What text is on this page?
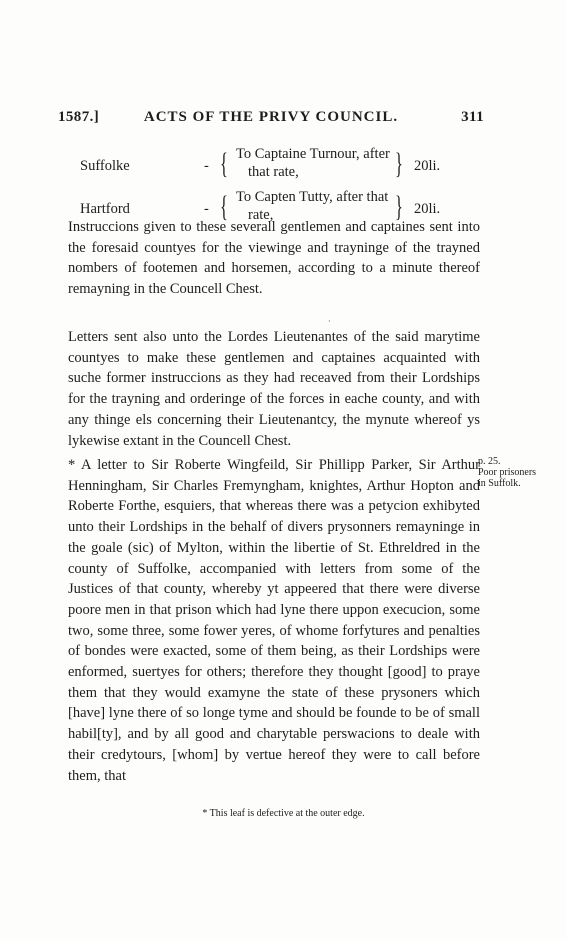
1587.]	ACTS OF THE PRIVY COUNCIL.	311
Suffolke	- { To Captaine Turnour, after
that rate,	} 20li.
Hartford	- { To Capten Tutty, after that
rate,	} 20li.

Instruccions given to these severall gentlemen and captaines sent into the foresaid countyes for the viewinge and trayninge of the trayned nombers of footemen and horsemen, according to a minute thereof remayning in the Councell Chest.

·

Letters sent also unto the Lordes Lieutenantes of the said marytime countyes to make these gentlemen and captaines acquainted with suche former instruccions as they had receaved from their Lordships for the trayning and orderinge of the forces in eache county, and with any thinge els concerning their Lieutenantcy, the mynute whereof ys lykewise extant in the Councell Chest.

* A letter to Sir Roberte Wingfeild, Sir Phillipp Parker, Sir Arthur Henningham, Sir Charles Fremyngham, knightes, Arthur Hopton and Roberte Forthe, esquiers, that whereas there was a petycion exhibyted unto their Lordships in the behalf of divers prysonners remayninge in the goale (sic) of Mylton, within the libertie of St. Ethreldred in the county of Suffolke, accompanied with letters from some of the Justices of that county, whereby yt appeered that there were diverse poore men in that prison which had lyne there uppon execucion, some two, some three, some fower yeres, of whome forfytures and penalties of bondes were exacted, some of them being, as their Lordships were enformed, suertyes for others; therefore they thought [good] to praye them that they would examyne the state of these prysoners which [have] lyne there of so longe tyme and should be founde to be of small habil[ty], and by all good and charytable perswacions to deale with their credytours, [whom] by vertue hereof they were to call before them, that

p. 25.
Poor prisoners
in Suffolk.
* This leaf is defective at the outer edge.
